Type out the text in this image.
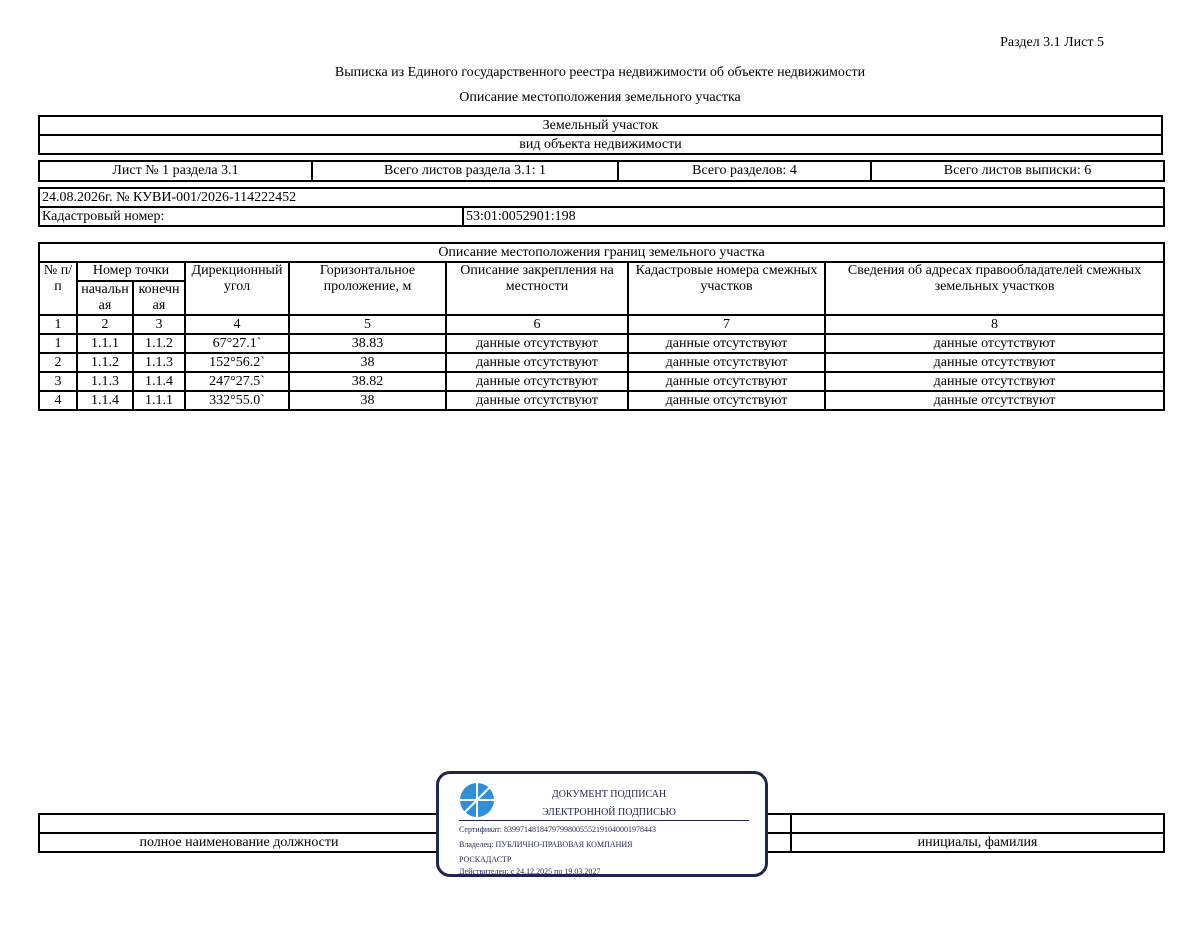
Раздел 3.1 Лист 5
Выписка из Единого государственного реестра недвижимости об объекте недвижимости
Описание местоположения земельного участка
Земельный участок
вид объекта недвижимости
Лист № 1 раздела 3.1	Всего листов раздела 3.1: 1	Всего разделов: 4	Всего листов выписки: 6
24.08.2026г. № КУВИ-001/2026-114222452
Кадастровый номер:	53:01:0052901:198
Описание местоположения границ земельного участка							
№ п/п	Номер точки		Дирекционный угол	Горизонтальное проложение, м	Описание закрепления на местности	Кадастровые номера смежных участков	Сведения об адресах правообладателей смежных земельных участков
	начальн ая	конечн ая					
1	2	3	4	5	6	7	8
1	1.1.1	1.1.2	67°27.1`	38.83	данные отсутствуют	данные отсутствуют	данные отсутствуют
2	1.1.2	1.1.3	152°56.2`	38	данные отсутствуют	данные отсутствуют	данные отсутствуют
3	1.1.3	1.1.4	247°27.5`	38.82	данные отсутствуют	данные отсутствуют	данные отсутствуют
4	1.1.4	1.1.1	332°55.0`	38	данные отсутствуют	данные отсутствуют	данные отсутствуют

полное наименование должности		инициалы, фамилия
ДОКУМЕНТ ПОДПИСАН
ЭЛЕКТРОННОЙ ПОДПИСЬЮ
Сертификат: 83997148184797998005552191040001978443
Владелец: ПУБЛИЧНО-ПРАВОВАЯ КОМПАНИЯ
РОСКАДАСТР
Действителен: с 24.12.2025 по 19.03.2027
